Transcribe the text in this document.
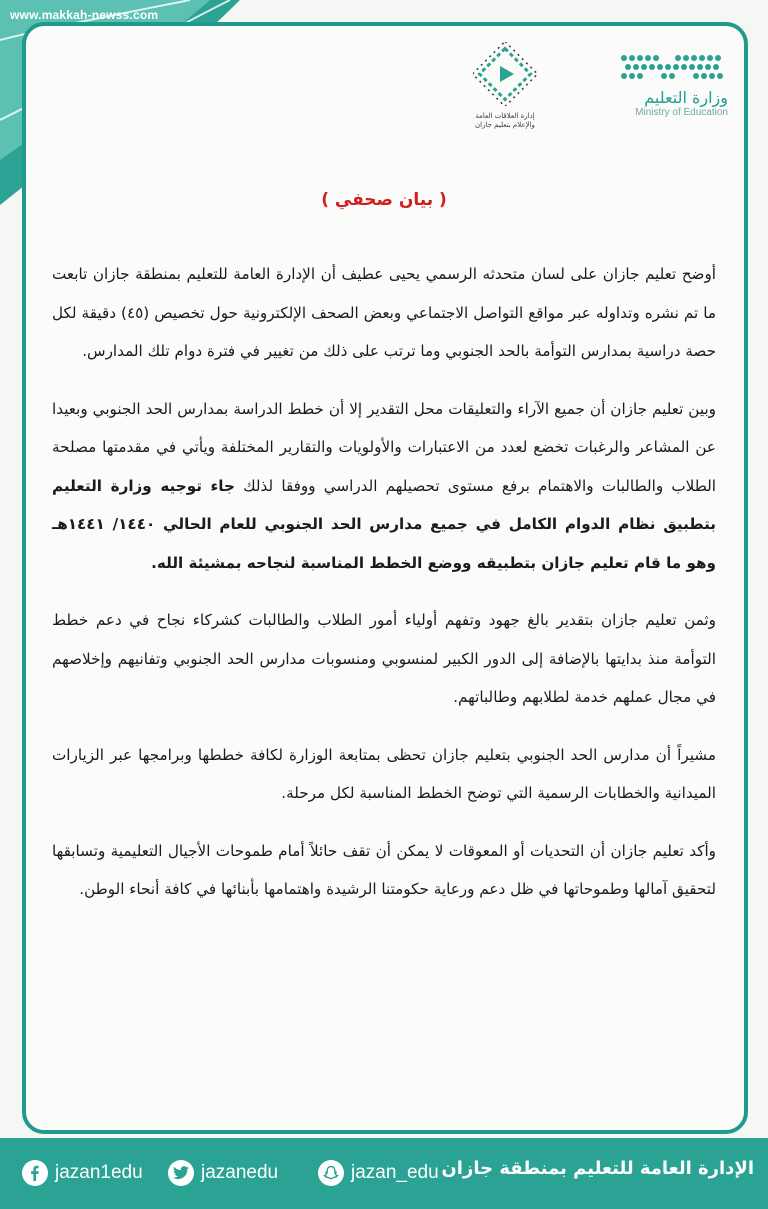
www.makkah-newss.com
وزارة التعليم
Ministry of Education
إدارة العلاقات العامة والإعلام بتعليم جازان
( بيان صحفي )

أوضح تعليم جازان على لسان متحدثه الرسمي يحيى عطيف أن الإدارة العامة للتعليم بمنطقة جازان تابعت ما تم نشره وتداوله عبر مواقع التواصل الاجتماعي وبعض الصحف الإلكترونية حول تخصيص (٤٥) دقيقة لكل حصة دراسية بمدارس التوأمة بالحد الجنوبي وما ترتب على ذلك من تغيير في فترة دوام تلك المدارس.

وبين تعليم جازان أن جميع الآراء والتعليقات محل التقدير إلا أن خطط الدراسة بمدارس الحد الجنوبي وبعيدا عن المشاعر والرغبات تخضع لعدد من الاعتبارات والأولويات والتقارير المختلفة ويأتي في مقدمتها مصلحة الطلاب والطالبات والاهتمام برفع مستوى تحصيلهم الدراسي ووفقا لذلك جاء توجيه وزارة التعليم بتطبيق نظام الدوام الكامل في جميع مدارس الحد الجنوبي للعام الحالي ١٤٤٠/ ١٤٤١هـ وهو ما قام تعليم جازان بتطبيقه ووضع الخطط المناسبة لنجاحه بمشيئة الله.

وثمن تعليم جازان بتقدير بالغ جهود وتفهم أولياء أمور الطلاب والطالبات كشركاء نجاح في دعم خطط التوأمة منذ بدايتها بالإضافة إلى الدور الكبير لمنسوبي ومنسوبات مدارس الحد الجنوبي وتفانيهم وإخلاصهم في مجال عملهم خدمة لطلابهم وطالباتهم.

مشيراً أن مدارس الحد الجنوبي بتعليم جازان تحظى بمتابعة الوزارة لكافة خططها وبرامجها عبر الزيارات الميدانية والخطابات الرسمية التي توضح الخطط المناسبة لكل مرحلة.

وأكد تعليم جازان أن التحديات أو المعوقات لا يمكن أن تقف حائلاً أمام طموحات الأجيال التعليمية وتسابقها لتحقيق آمالها وطموحاتها في ظل دعم ورعاية حكومتنا الرشيدة واهتمامها بأبنائها في كافة أنحاء الوطن.

jazan1edu	jazanedu	jazan_edu الإدارة العامة للتعليم بمنطقة جازان
